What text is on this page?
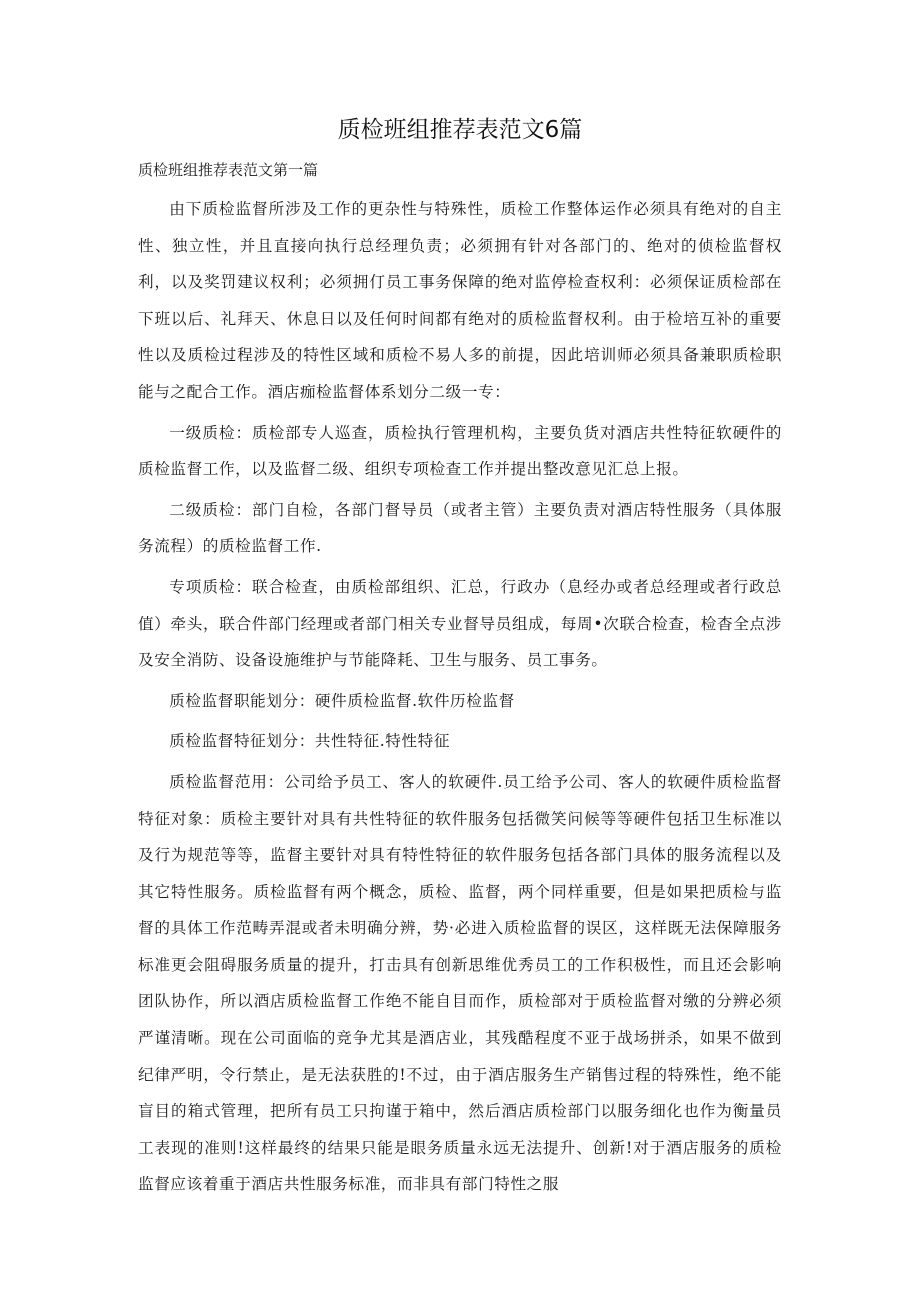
质检班组推荐表范文6篇
质检班组推荐表范文第一篇

由下质检监督所涉及工作的更杂性与特殊性，质检工作整体运作必须具有绝对的自主性、独立性，并且直接向执行总经理负责；必须拥有针对各部门的、绝对的侦检监督权利，以及奖罚建议权利；必须拥仃员工事务保障的绝对监停检查权利：必须保证质检部在下班以后、礼拜天、休息日以及任何时间都有绝对的质检监督权利。由于检培互补的重要性以及质检过程涉及的特性区域和质检不易人多的前提，因此培训师必须具备兼职质检职能与之配合工作。酒店痂检监督体系划分二级一专：

一级质检：质检部专人巡查，质检执行管理机构，主要负货对酒店共性特征软硬件的质检监督工作，以及监督二级、组织专项检查工作并提出整改意见汇总上报。

二级质检：部门自检，各部门督导员（或者主管）主要负责对酒店特性服务（具体服务流程）的质检监督工作.

专项质检：联合检查，由质检部组织、汇总，行政办（息经办或者总经理或者行政总值）牵头，联合件部门经理或者部门相关专业督导员组成，每周•次联合检查，检杳全点涉及安全消防、设备设施维护与节能降耗、卫生与服务、员工事务。

质检监督职能划分：硬件质检监督.软件历检监督

质检监督特征划分：共性特征.特性特征

质检监督范用：公司给予员工、客人的软硬件.员工给予公司、客人的软硬件质检监督特征对象：质检主要针对具有共性特征的软件服务包括微笑问候等等硬件包括卫生标准以及行为规范等等，监督主要针对具有特性特征的软件服务包括各部门具体的服务流程以及其它特性服务。质检监督有两个概念，质检、监督，两个同样重要，但是如果把质检与监督的具体工作范畴弄混或者未明确分辨，势·必进入质检监督的误区，这样既无法保障服务标准更会阻碍服务质量的提升，打击具有创新思维优秀员工的工作积极性，而且还会影响团队协作，所以酒店质检监督工作绝不能自目而作，质检部对于质检监督对缴的分辨必须严谨清晰。现在公司面临的竞争尤其是酒店业，其残酷程度不亚于战场拼杀，如果不做到纪律严明，令行禁止，是无法获胜的!不过，由于酒店服务生产销售过程的特殊性，绝不能盲目的箱式管理，把所有员工只拘谨于箱中，然后酒店质检部门以服务细化也作为衡量员工表现的准则!这样最终的结果只能是眼务质量永远无法提升、创新!对于酒店服务的质检监督应该着重于酒店共性服务标准，而非具有部门特性之服
